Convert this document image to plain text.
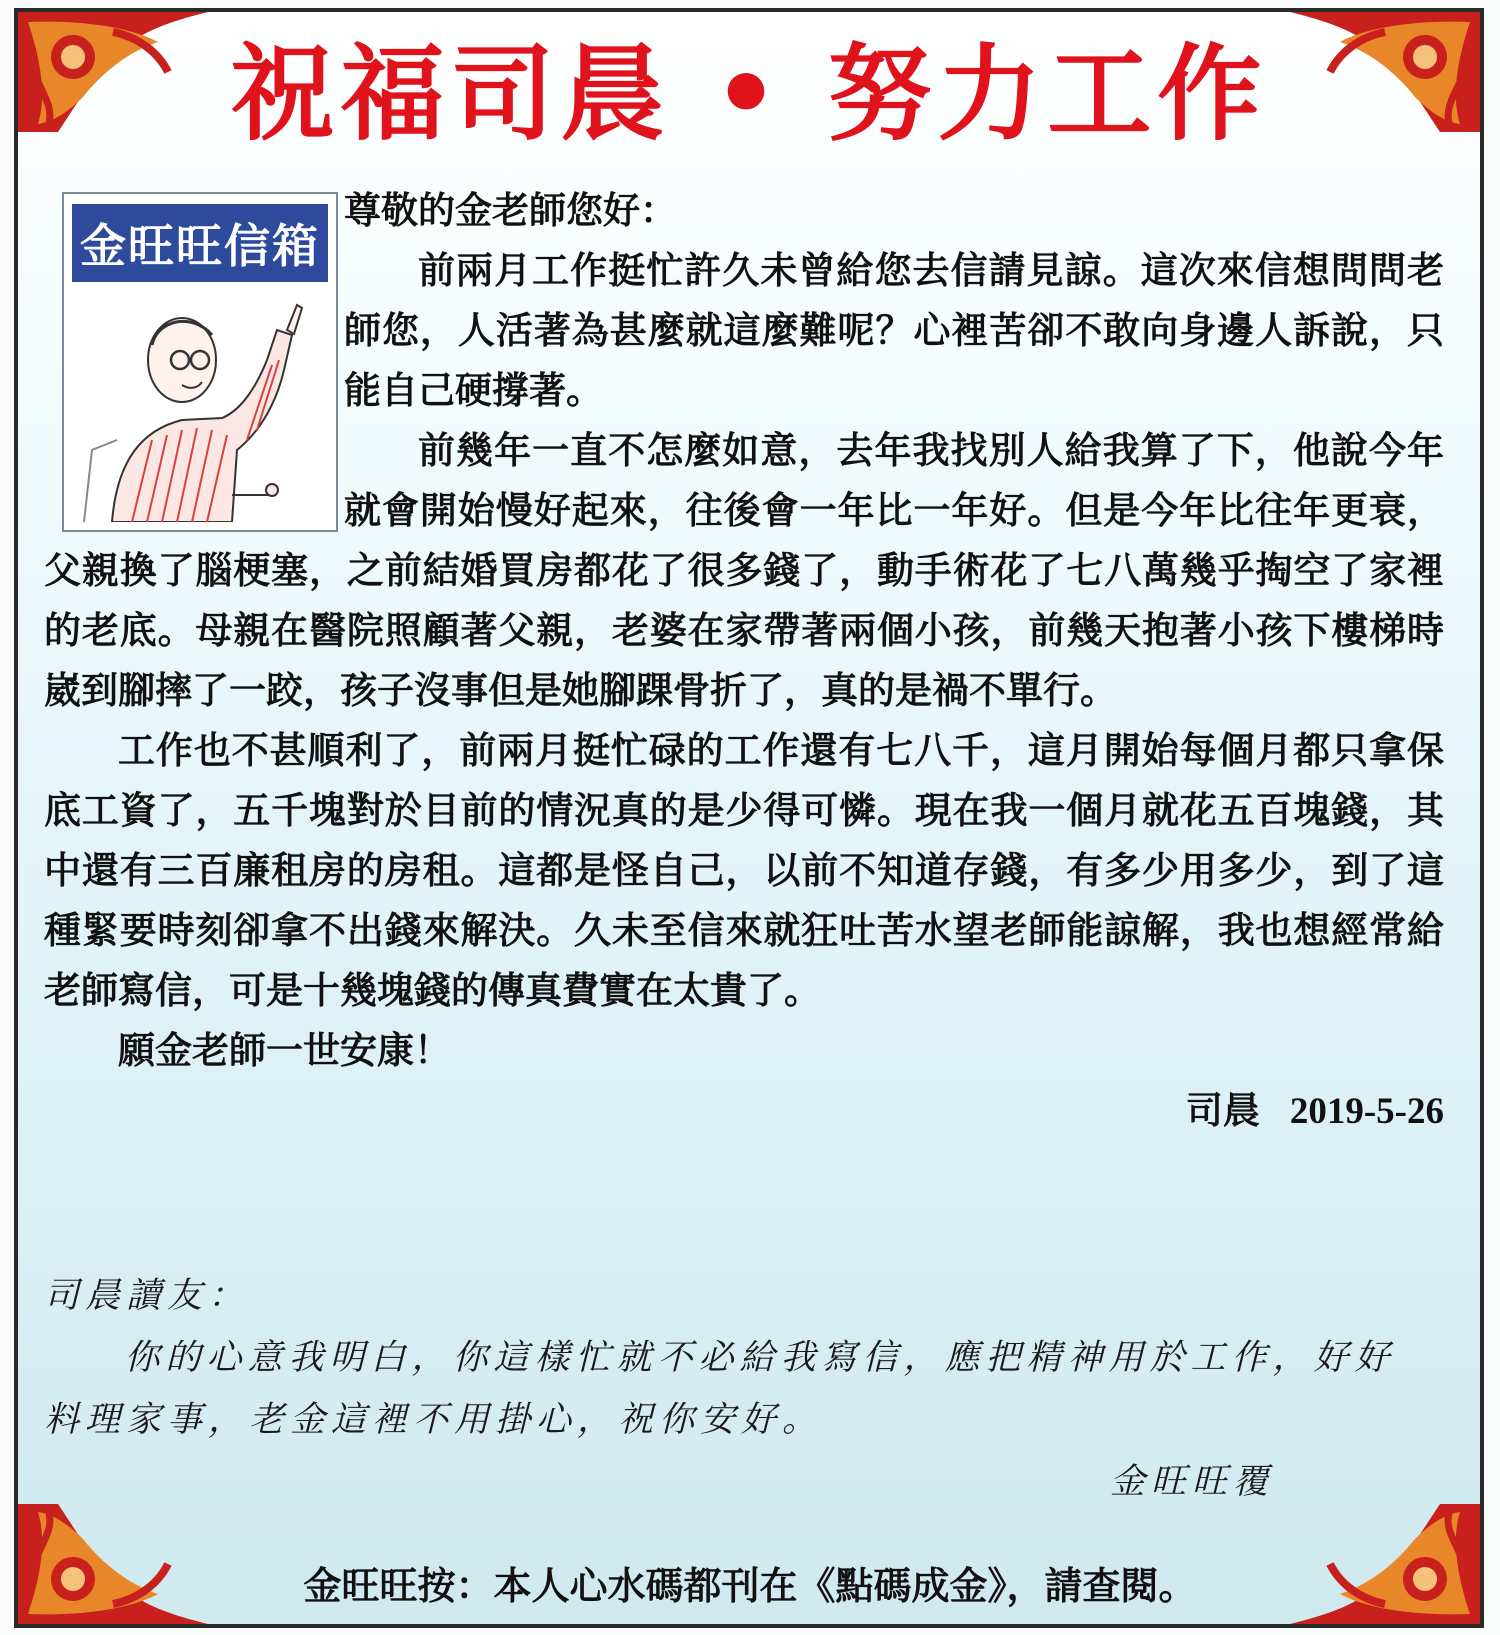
祝福司晨 • 努力工作
金旺旺信箱

尊敬的金老師您好：

前兩月工作挺忙許久未曾給您去信請見諒。這次來信想問問老師您，人活著為甚麼就這麼難呢？心裡苦卻不敢向身邊人訴說，只能自己硬撐著。

前幾年一直不怎麼如意，去年我找別人給我算了下，他說今年就會開始慢好起來，往後會一年比一年好。但是今年比往年更衰，父親換了腦梗塞，之前結婚買房都花了很多錢了，動手術花了七八萬幾乎掏空了家裡的老底。母親在醫院照顧著父親，老婆在家帶著兩個小孩，前幾天抱著小孩下樓梯時崴到腳摔了一跤，孩子沒事但是她腳踝骨折了，真的是禍不單行。

工作也不甚順利了，前兩月挺忙碌的工作還有七八千，這月開始每個月都只拿保底工資了，五千塊對於目前的情況真的是少得可憐。現在我一個月就花五百塊錢，其中還有三百廉租房的房租。這都是怪自己，以前不知道存錢，有多少用多少，到了這種緊要時刻卻拿不出錢來解決。久未至信來就狂吐苦水望老師能諒解，我也想經常給老師寫信，可是十幾塊錢的傳真費實在太貴了。

願金老師一世安康！

司晨 2019-5-26

司晨讀友：

你的心意我明白，你這樣忙就不必給我寫信，應把精神用於工作，好好料理家事，老金這裡不用掛心，祝你安好。

金旺旺覆

金旺旺按：本人心水碼都刊在《點碼成金》，請查閱。
